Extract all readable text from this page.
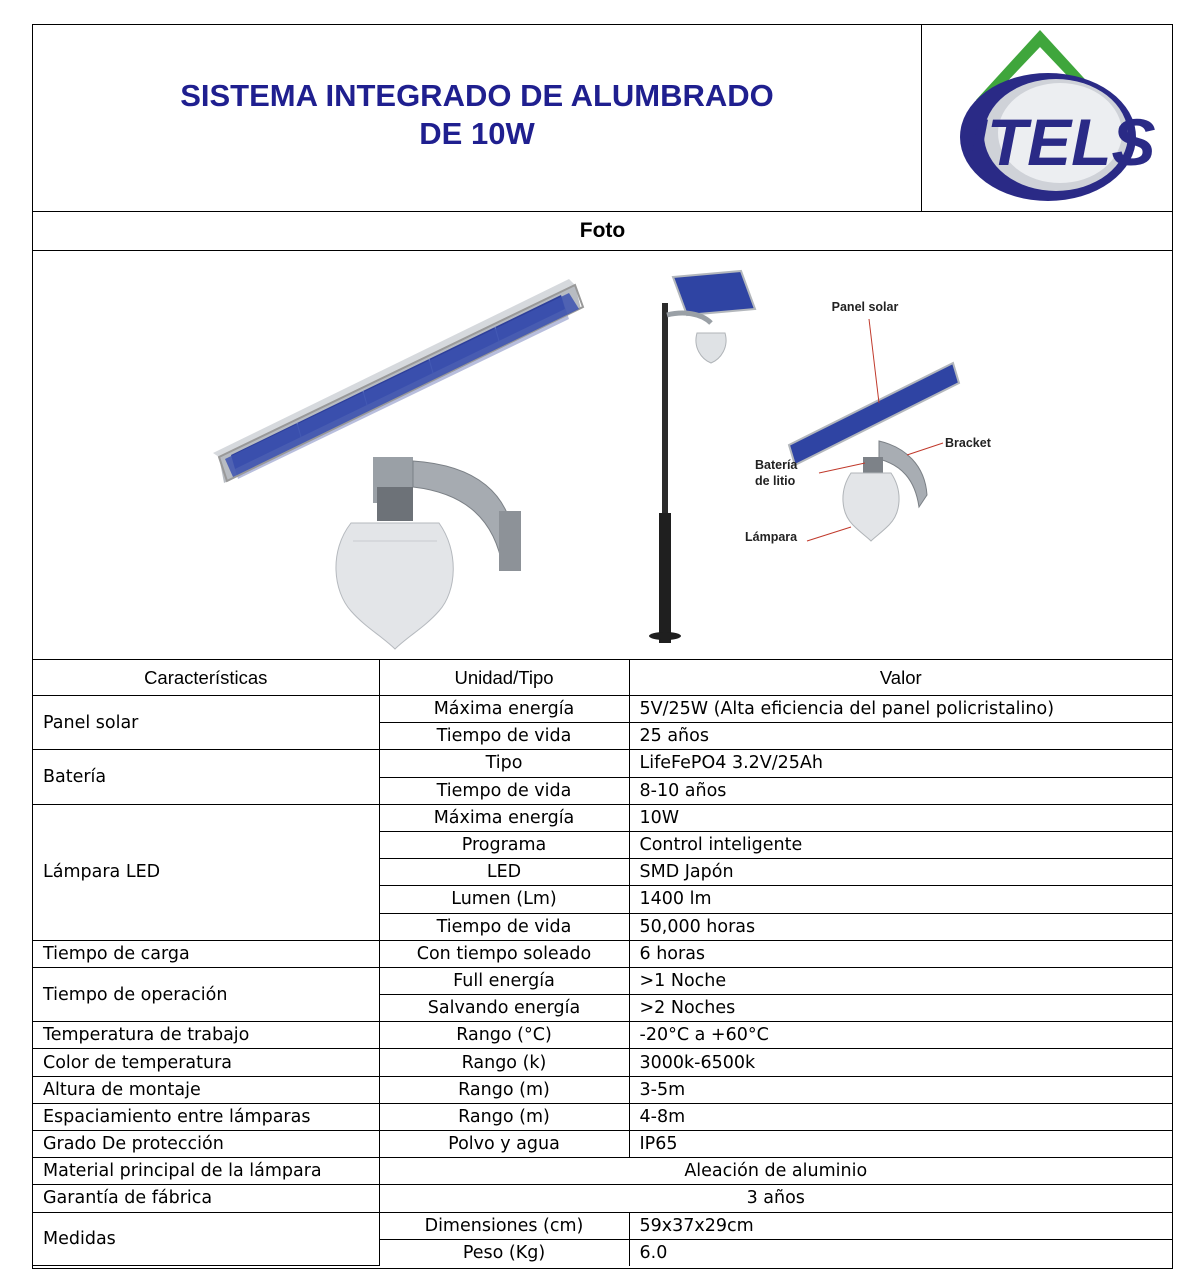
SISTEMA INTEGRADO DE ALUMBRADO
DE 10W	ITELS
Foto
Panel solar
Bracket
Batería
de litio
Lámpara
Características	Unidad/Tipo	Valor
Panel solar	Máxima energía	5V/25W (Alta eficiencia del panel policristalino)
	Tiempo de vida	25 años
Batería	Tipo	LifeFePO4 3.2V/25Ah
	Tiempo de vida	8-10 años
Lámpara LED	Máxima energía	10W
	Programa	Control inteligente
	LED	SMD Japón
	Lumen (Lm)	1400 lm
	Tiempo de vida	50,000 horas
Tiempo de carga	Con tiempo soleado	6 horas
Tiempo de operación	Full energía	>1 Noche
	Salvando energía	>2 Noches
Temperatura de trabajo	Rango (°C)	-20°C a +60°C
Color de temperatura	Rango (k)	3000k-6500k
Altura de montaje	Rango (m)	3-5m
Espaciamiento entre lámparas	Rango (m)	4-8m
Grado De protección	Polvo y agua	IP65
Material principal de la lámpara	Aleación de aluminio	
Garantía de fábrica	3 años	
Medidas	Dimensiones (cm)	59x37x29cm
	Peso (Kg)	6.0
